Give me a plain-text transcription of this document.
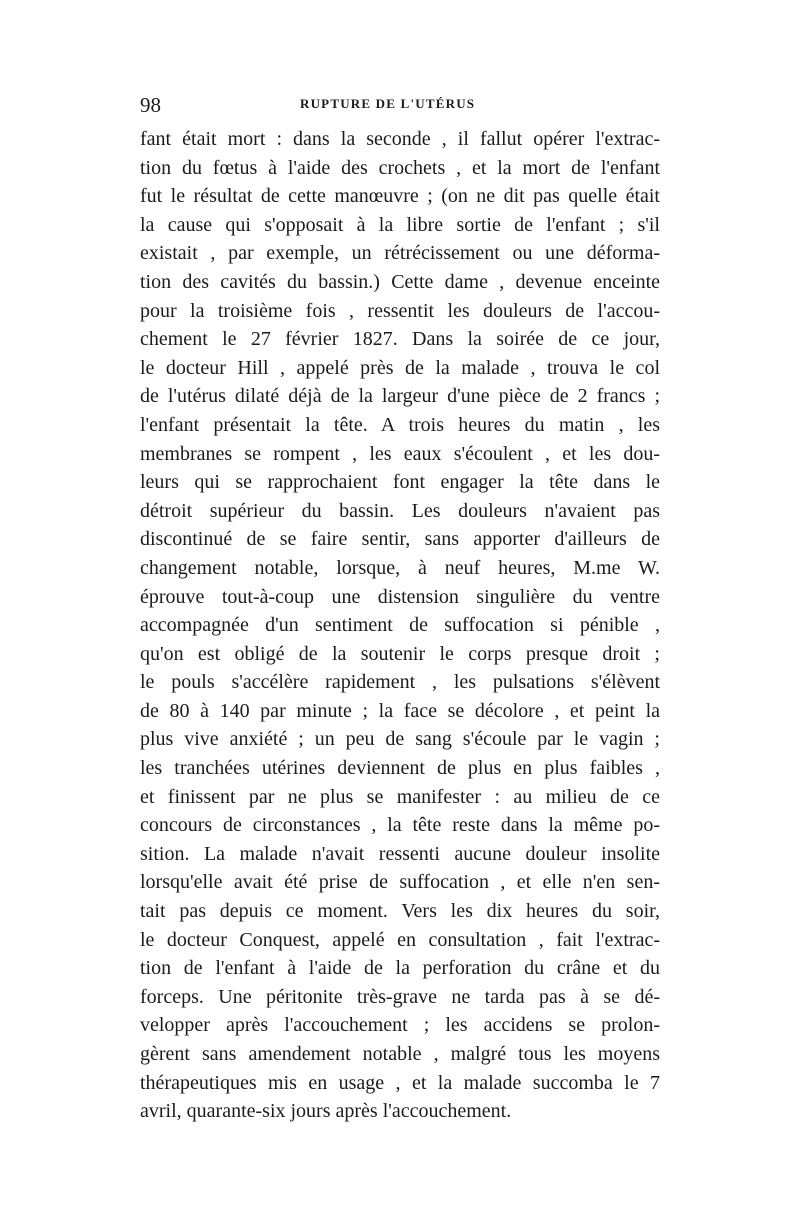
98	RUPTURE DE L'UTÉRUS
fant était mort : dans la seconde , il fallut opérer l'extrac-
tion du fœtus à l'aide des crochets , et la mort de l'enfant
fut le résultat de cette manœuvre ; (on ne dit pas quelle était
la cause qui s'opposait à la libre sortie de l'enfant ; s'il
existait , par exemple, un rétrécissement ou une déforma-
tion des cavités du bassin.) Cette dame , devenue enceinte
pour la troisième fois , ressentit les douleurs de l'accou-
chement le 27 février 1827. Dans la soirée de ce jour,
le docteur Hill , appelé près de la malade , trouva le col
de l'utérus dilaté déjà de la largeur d'une pièce de 2 francs ;
l'enfant présentait la tête. A trois heures du matin , les
membranes se rompent , les eaux s'écoulent , et les dou-
leurs qui se rapprochaient font engager la tête dans le
détroit supérieur du bassin. Les douleurs n'avaient pas
discontinué de se faire sentir, sans apporter d'ailleurs de
changement notable, lorsque, à neuf heures, M.me W.
éprouve tout-à-coup une distension singulière du ventre
accompagnée d'un sentiment de suffocation si pénible ,
qu'on est obligé de la soutenir le corps presque droit ;
le pouls s'accélère rapidement , les pulsations s'élèvent
de 80 à 140 par minute ; la face se décolore , et peint la
plus vive anxiété ; un peu de sang s'écoule par le vagin ;
les tranchées utérines deviennent de plus en plus faibles ,
et finissent par ne plus se manifester : au milieu de ce
concours de circonstances , la tête reste dans la même po-
sition. La malade n'avait ressenti aucune douleur insolite
lorsqu'elle avait été prise de suffocation , et elle n'en sen-
tait pas depuis ce moment. Vers les dix heures du soir,
le docteur Conquest, appelé en consultation , fait l'extrac-
tion de l'enfant à l'aide de la perforation du crâne et du
forceps. Une péritonite très-grave ne tarda pas à se dé-
velopper après l'accouchement ; les accidens se prolon-
gèrent sans amendement notable , malgré tous les moyens
thérapeutiques mis en usage , et la malade succomba le 7
avril, quarante-six jours après l'accouchement.
